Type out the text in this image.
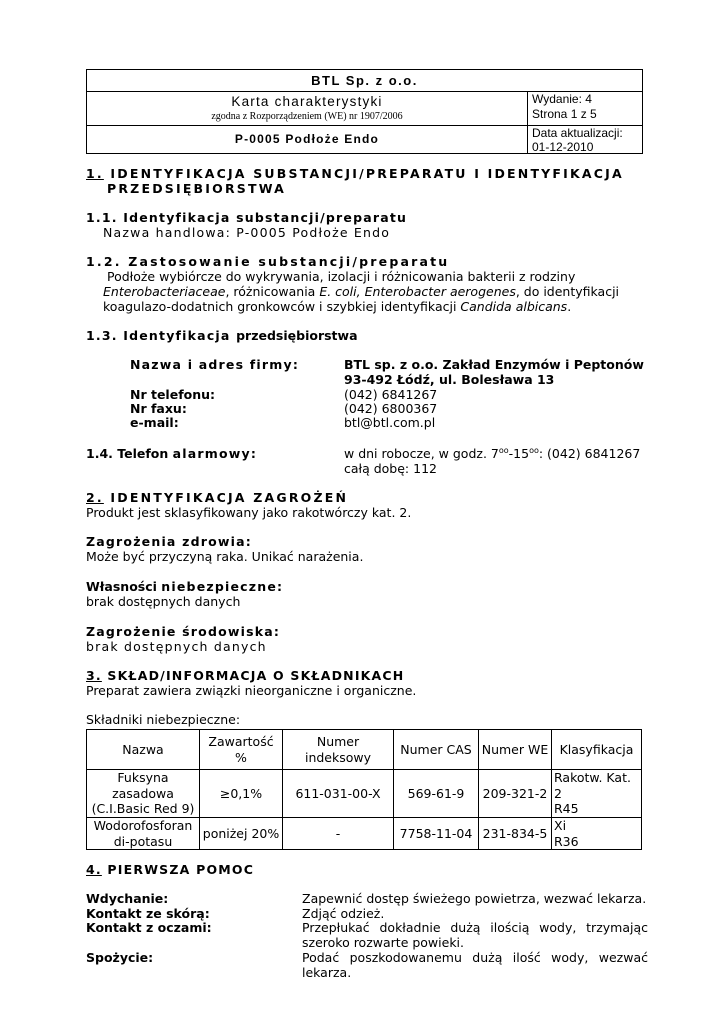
BTL Sp. z o.o.
Karta charakterystyki
zgodna z Rozporządzeniem (WE) nr 1907/2006
P-0005 Podłoże Endo
Wydanie: 4
Strona 1 z 5
Data aktualizacji:
01-12-2010
1. IDENTYFIKACJA SUBSTANCJI/PREPARATU I IDENTYFIKACJA
PRZEDSIĘBIORSTWA
1.1. Identyfikacja substancji/preparatu
Nazwa handlowa: P-0005 Podłoże Endo
1.2. Zastosowanie substancji/preparatu
Podłoże wybiórcze do wykrywania, izolacji i różnicowania bakterii z rodziny
Enterobacteriaceae, różnicowania E. coli, Enterobacter aerogenes, do identyfikacji
koagulazo-dodatnich gronkowców i szybkiej identyfikacji Candida albicans.
1.3. Identyfikacja przedsiębiorstwa
Nazwa i adres firmy:	BTL sp. z o.o. Zakład Enzymów i Peptonów
93-492 Łódź, ul. Bolesława 13
Nr telefonu:	(042) 6841267
Nr faxu:	(042) 6800367
e-mail:	btl@btl.com.pl
1.4. Telefon alarmowy:	w dni robocze, w godz. $7^{oo}-15^{oo}$: (042) 6841267
całą dobę: 112
2. IDENTYFIKACJA ZAGROŻEŃ
Produkt jest sklasyfikowany jako rakotwórczy kat. 2.
Zagrożenia zdrowia:
Może być przyczyną raka. Unikać narażenia.
Własności niebezpieczne:
brak dostępnych danych
Zagrożenie środowiska:
brak dostępnych danych
3. SKŁAD/INFORMACJA O SKŁADNIKACH
Preparat zawiera związki nieorganiczne i organiczne.
Składniki niebezpieczne:
Nazwa	Zawartość %	Numer indeksowy	Numer CAS	Numer WE	Klasyfikacja
Fuksyna zasadowa (C.I.Basic Red 9)	≥0,1%	611-031-00-X	569-61-9	209-321-2	Rakotw. Kat. 2
R45

Wodorofosforan di-potasu	poniżej 20%	-	7758-11-04	231-834-5	Xi
R36
4. PIERWSZA POMOC
Wdychanie:	Zapewnić dostęp świeżego powietrza, wezwać lekarza.
Kontakt ze skórą:	Zdjąć odzież.
Kontakt z oczami:	Przepłukać dokładnie dużą ilością wody, trzymając
szeroko rozwarte powieki.
Spożycie:	Podać poszkodowanemu dużą ilość wody, wezwać
lekarza.
